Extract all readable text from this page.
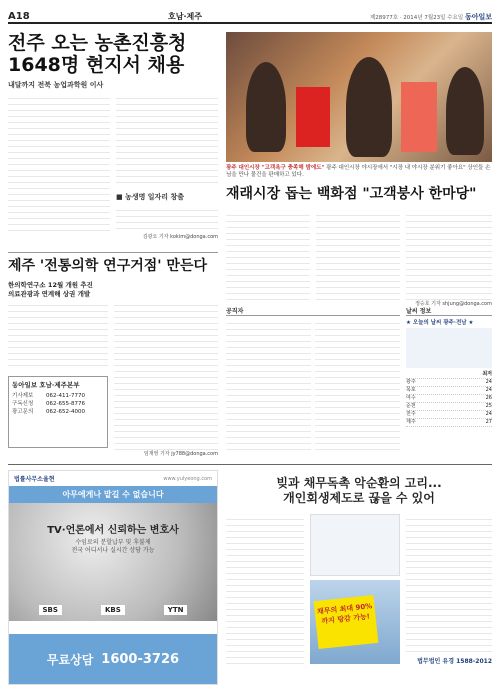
A18	호남·제주	제28977호 · 2014년 7월23일 수요일 동아일보
전주 오는 농촌진흥청
1648명 현지서 채용
내달까지 전북 농업과학원 이사
■ 농생명 일자리 창출
김광오 기자 kokim@donga.com
광주 대인시장 "고객욕구 충족해 밤에도" 광주 대인시장 야시장에서 "시장 내 야시장 분위기 좋아요" 상인들 손님을 만나 물건을 판매하고 있다.
재래시장 돕는 백화점 "고객붕사 한마당"
정승호 기자 shjung@donga.com
제주 '전통의학 연구거점' 만든다
한의학연구소 12월 개원 추진
의료관광과 연계해 상권 개발
임재영 기자 jy788@donga.com
동아일보 호남·제주본부
기사제보	062-411-7770
구독신청	062-655-8776
광고문의	062-652-4000
공직자	날씨 정보
★ 오늘의 날씨 광주·전남 ★
최저
광주	24
목포	24
여수	26
순천	25
전주	24
제주	27
법률사무소율현	www.yulyeong.com
아무에게나 맡길 수 없습니다
TV·언론에서 신뢰하는 변호사
수임료의 분할납부 및 후불제
전국 어디서나 실시간 상담 가능
SBS	KBS	YTN
무료상담 1600-3726
빚과 채무독촉 악순환의 고리...
개인회생제도로 끊을 수 있어
채무의 최대 90%까지 탕감 가능!
법무법인 유경 1588-2012
